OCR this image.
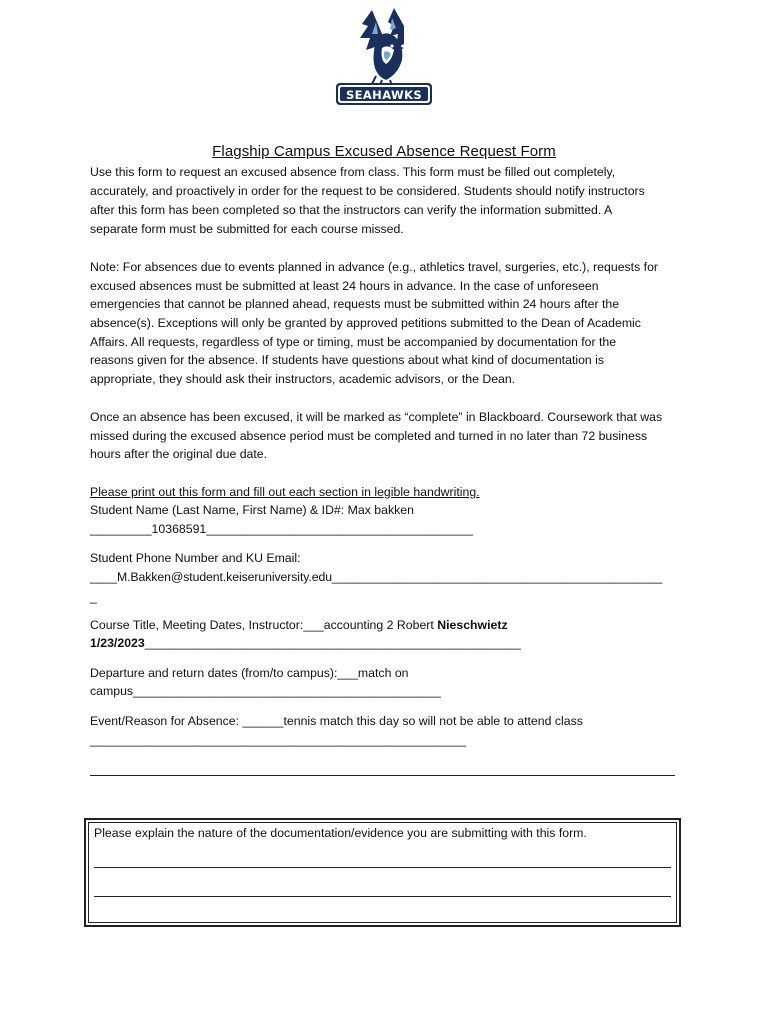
SEAHAWKS
Flagship Campus Excused Absence Request Form
Use this form to request an excused absence from class. This form must be filled out completely,
accurately, and proactively in order for the request to be considered. Students should notify instructors
after this form has been completed so that the instructors can verify the information submitted. A
separate form must be submitted for each course missed.
Note: For absences due to events planned in advance (e.g., athletics travel, surgeries, etc.), requests for
excused absences must be submitted at least 24 hours in advance. In the case of unforeseen
emergencies that cannot be planned ahead, requests must be submitted within 24 hours after the
absence(s). Exceptions will only be granted by approved petitions submitted to the Dean of Academic
Affairs. All requests, regardless of type or timing, must be accompanied by documentation for the
reasons given for the absence. If students have questions about what kind of documentation is
appropriate, they should ask their instructors, academic advisors, or the Dean.
Once an absence has been excused, it will be marked as “complete” in Blackboard. Coursework that was
missed during the excused absence period must be completed and turned in no later than 72 business
hours after the original due date.
Please print out this form and fill out each section in legible handwriting.
Student Name (Last Name, First Name) & ID#: Max bakken
_________10368591_______________________________________
Student Phone Number and KU Email:
____M.Bakken@student.keiseruniversity.edu_________________________________________________
_
Course Title, Meeting Dates, Instructor:___accounting 2 Robert Nieschwietz
1/23/2023_______________________________________________________
Departure and return dates (from/to campus):___match on
campus_____________________________________________
Event/Reason for Absence: ______tennis match this day so will not be able to attend class
_______________________________________________________
Please explain the nature of the documentation/evidence you are submitting with this form.
